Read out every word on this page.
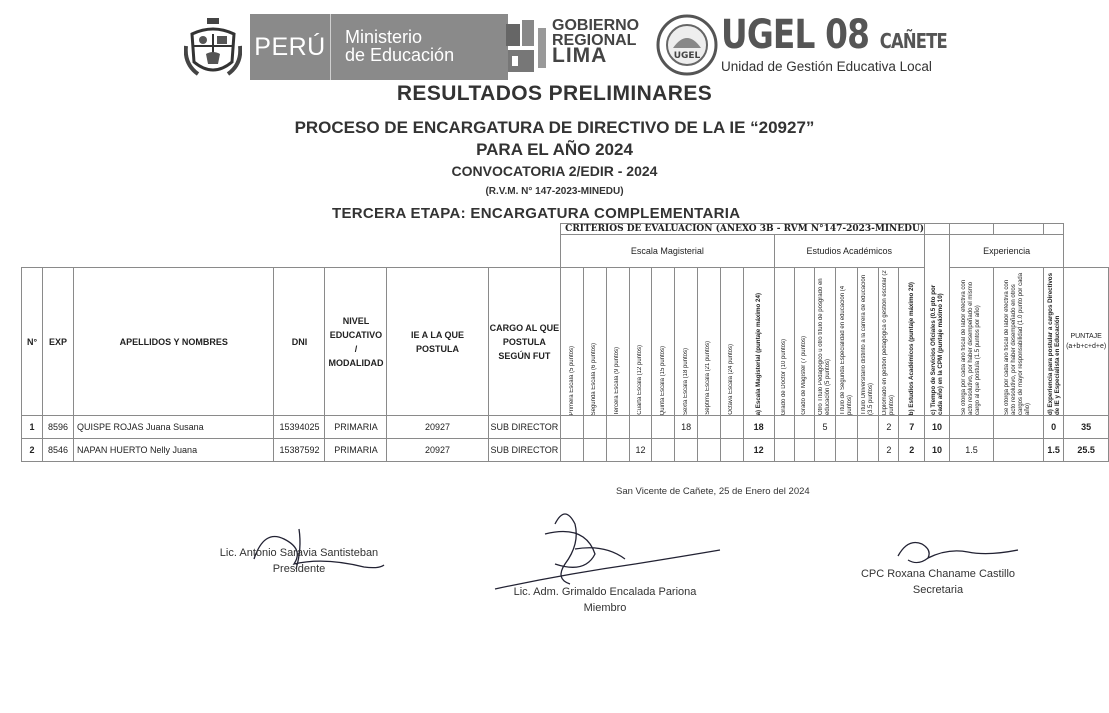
PERÚ Ministerio
de Educación
GOBIERNO
REGIONAL
LIMA	UGEL UGEL 08 CAÑETE
Unidad de Gestión Educativa Local
RESULTADOS PRELIMINARES
PROCESO DE ENCARGATURA DE DIRECTIVO DE LA IE “20927”
PARA EL AÑO 2024
CONVOCATORIA 2/EDIR - 2024
(R.V.M. N° 147-2023-MINEDU)
TERCERA ETAPA: ENCARGATURA COMPLEMENTARIA
							CRITERIOS DE EVALUACIÓN (ANEXO 3B - RVM N°147-2023-MINEDU)																				
							Escala Magisterial									Estudios Académicos							c) Tiempo de Servicios Oficiales (0.5 pto por cada año) en la CPM (puntaje máximo 10)	Experiencia			
N°	EXP	APELLIDOS Y NOMBRES	DNI	NIVEL EDUCATIVO / MODALIDAD	IE A LA QUE POSTULA	CARGO AL QUE POSTULA SEGÚN FUT	Primera Escala (5 puntos)	Segunda Escala (6 puntos)	Tercera Escala (9 puntos)	Cuarta Escala (12 puntos)	Quinta Escala (15 puntos)	Sexta Escala (18 puntos)	Séptima Escala (21 puntos)	Octava Escala (24 puntos)	a) Escala Magisterial (puntaje máximo 24)	Grado de Doctor (10 puntos)	Grado de Magíster (7 puntos)	Otro Título Pedagógico u otro título de posgrado en educación (5 puntos)	Título de Segunda Especialidad en educación (4 puntos)	Título Universitario distinto a la carrera de educación (3.5 puntos)	Diplomado en gestión pedagógica o gestión escolar (2 puntos)	b) Estudios Académicos (puntaje máximo 20)		Se otorga por cada año fiscal de labor efectiva con acto resolutivo, por haber desempeñado el mismo cargo al que postula (1.5 puntos por año)	Se otorga por cada año fiscal de labor efectiva con acto resolutivo, por haber desempeñado en otros cargos de mayor responsabilidad (1.0 punto por cada año)	d) Experiencia para postular a cargos Directivos de IE y Especialista en Educación	PUNTAJE
(a+b+c+d+e)

1	8596	QUISPE ROJAS Juana Susana	15394025	PRIMARIA	20927	SUB DIRECTOR						18			18			5			2	7	10			0	35
2	8546	NAPAN HUERTO Nelly Juana	15387592	PRIMARIA	20927	SUB DIRECTOR				12					12						2	2	10	1.5		1.5	25.5
San Vicente de Cañete, 25 de Enero del 2024
Lic. Antonio Saravia Santisteban
Presidente
Lic. Adm. Grimaldo Encalada Pariona
Miembro
CPC Roxana Chaname Castillo
Secretaria
